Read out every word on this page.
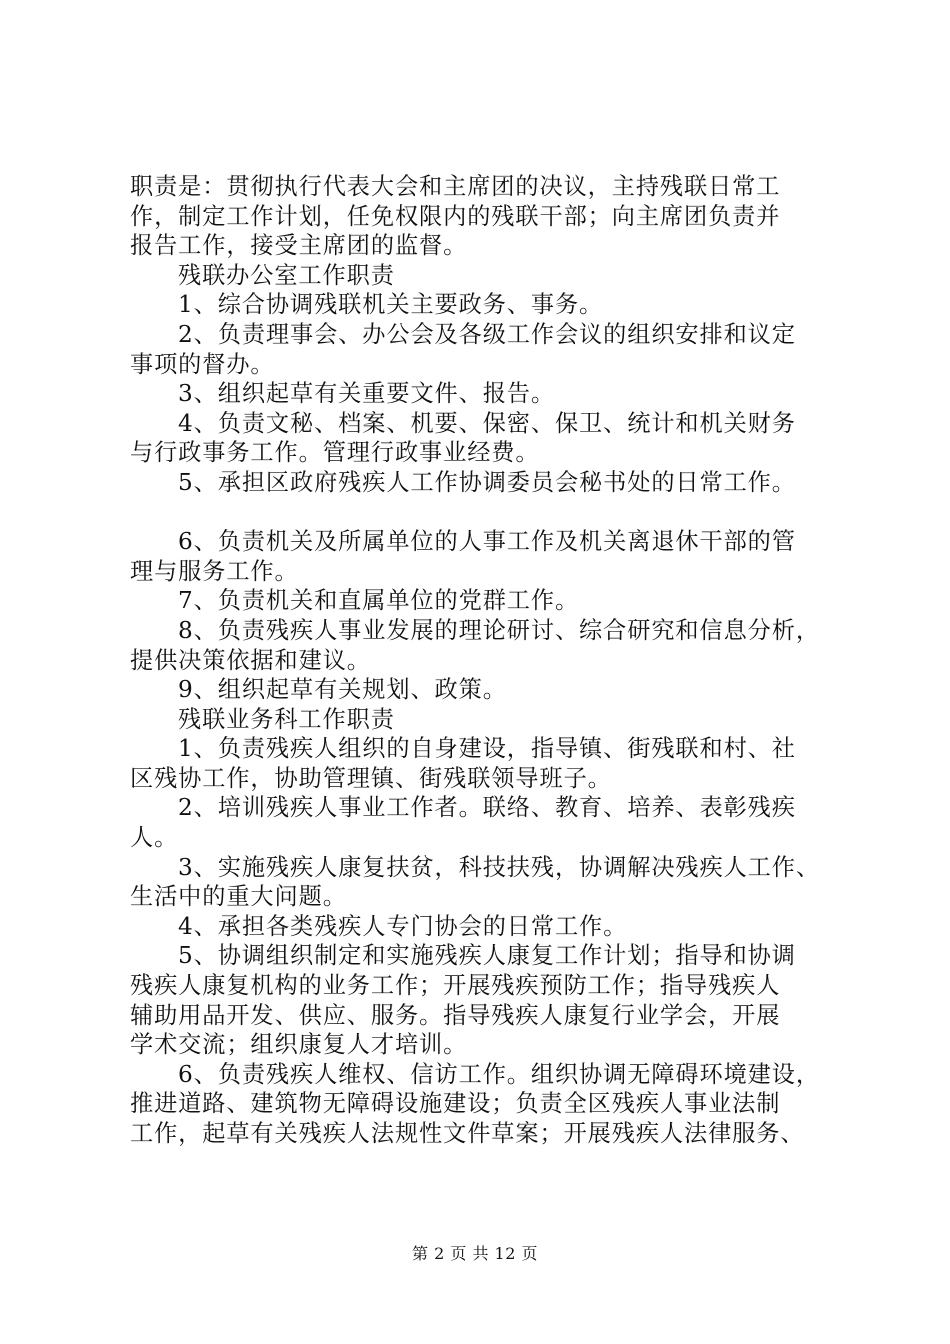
职责是：贯彻执行代表大会和主席团的决议，主持残联日常工
作，制定工作计划，任免权限内的残联干部；向主席团负责并
报告工作，接受主席团的监督。
残联办公室工作职责
1、综合协调残联机关主要政务、事务。
2、负责理事会、办公会及各级工作会议的组织安排和议定
事项的督办。
3、组织起草有关重要文件、报告。
4、负责文秘、档案、机要、保密、保卫、统计和机关财务
与行政事务工作。管理行政事业经费。
5、承担区政府残疾人工作协调委员会秘书处的日常工作。
6、负责机关及所属单位的人事工作及机关离退休干部的管
理与服务工作。
7、负责机关和直属单位的党群工作。
8、负责残疾人事业发展的理论研讨、综合研究和信息分析，
提供决策依据和建议。
9、组织起草有关规划、政策。
残联业务科工作职责
1、负责残疾人组织的自身建设，指导镇、街残联和村、社
区残协工作，协助管理镇、街残联领导班子。
2、培训残疾人事业工作者。联络、教育、培养、表彰残疾
人。
3、实施残疾人康复扶贫，科技扶残，协调解决残疾人工作、
生活中的重大问题。
4、承担各类残疾人专门协会的日常工作。
5、协调组织制定和实施残疾人康复工作计划；指导和协调
残疾人康复机构的业务工作；开展残疾预防工作；指导残疾人
辅助用品开发、供应、服务。指导残疾人康复行业学会，开展
学术交流；组织康复人才培训。
6、负责残疾人维权、信访工作。组织协调无障碍环境建设，
推进道路、建筑物无障碍设施建设；负责全区残疾人事业法制
工作，起草有关残疾人法规性文件草案；开展残疾人法律服务、
第 2 页 共 12 页
